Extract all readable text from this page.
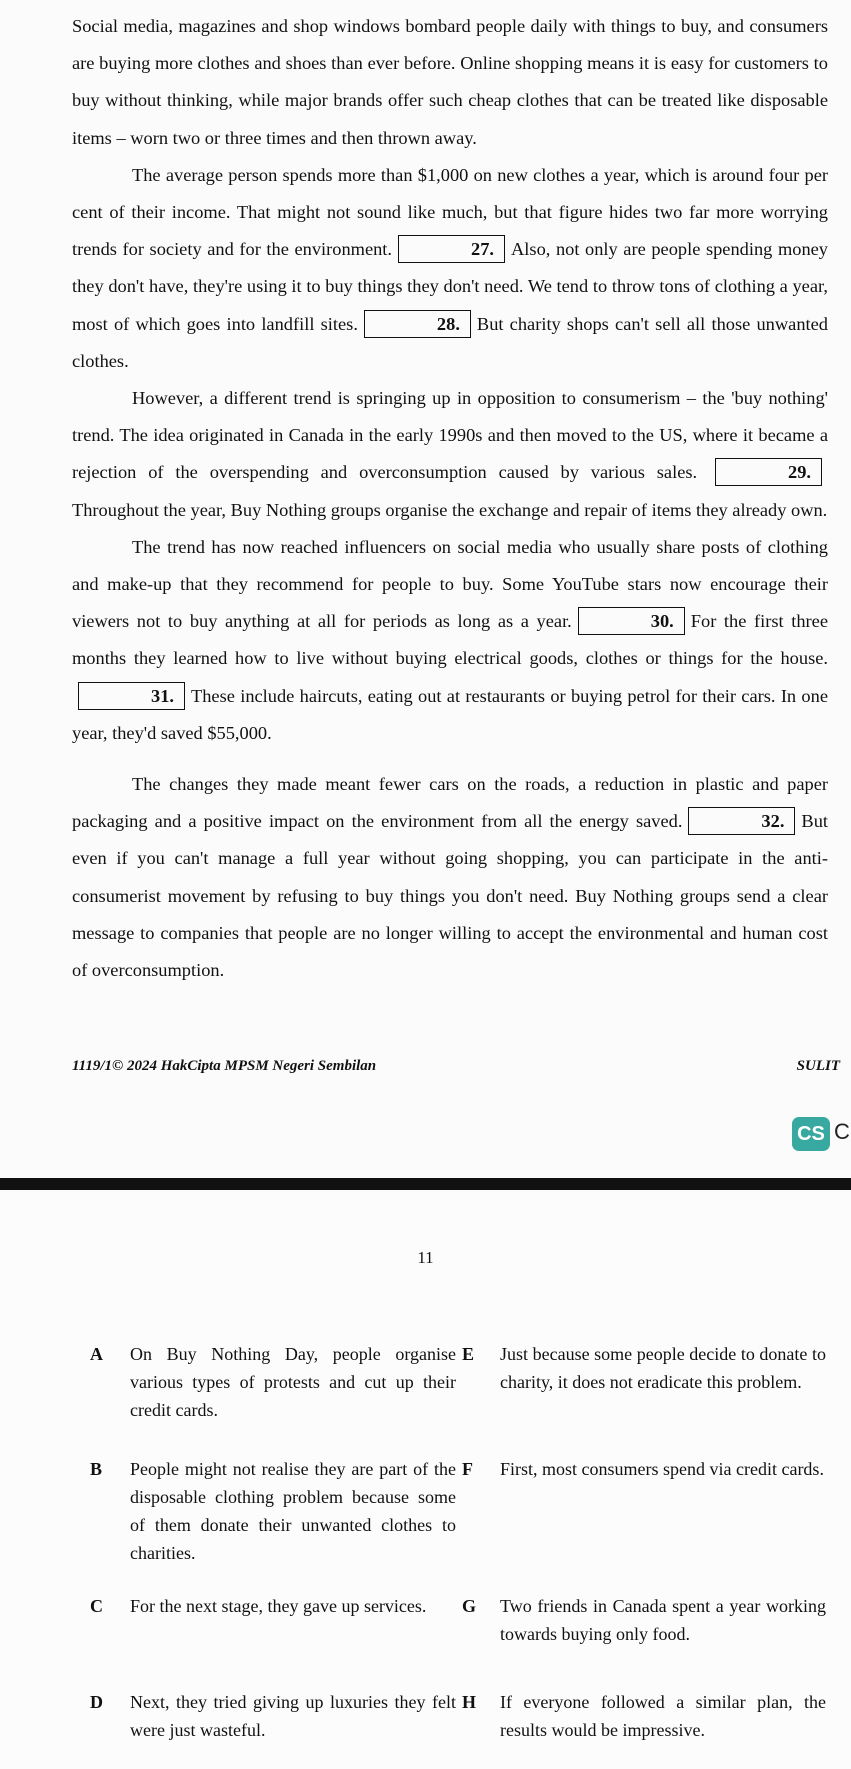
Social media, magazines and shop windows bombard people daily with things to buy, and consumers are buying more clothes and shoes than ever before. Online shopping means it is easy for customers to buy without thinking, while major brands offer such cheap clothes that can be treated like disposable items – worn two or three times and then thrown away.

The average person spends more than $1,000 on new clothes a year, which is around four per cent of their income. That might not sound like much, but that figure hides two far more worrying trends for society and for the environment.	27. Also, not only are people spending money they don't have, they're using it to buy things they don't need. We tend to throw tons of clothing a year, most of which goes into landfill sites.	28. But charity shops can't sell all those unwanted clothes.

However, a different trend is springing up in opposition to consumerism – the 'buy nothing' trend. The idea originated in Canada in the early 1990s and then moved to the US, where it became a rejection of the overspending and overconsumption caused by various sales.	29.Throughout the year, Buy Nothing groups organise the exchange and repair of items they already own.

The trend has now reached influencers on social media who usually share posts of clothing and make-up that they recommend for people to buy. Some YouTube stars now encourage their viewers not to buy anything at all for periods as long as a year.	30. For the first three months they learned how to live without buying electrical goods, clothes or things for the house.31. These include haircuts, eating out at restaurants or buying petrol for their cars. In one year, they'd saved $55,000.

The changes they made meant fewer cars on the roads, a reduction in plastic and paper packaging and a positive impact on the environment from all the energy saved.	32. But even if you can't manage a full year without going shopping, you can participate in the anti-consumerist movement by refusing to buy things you don't need. Buy Nothing groups send a clear message to companies that people are no longer willing to accept the environmental and human cost of overconsumption.

1119/1© 2024 HakCipta MPSM Negeri Sembilan	SULIT
CS C
11
A On Buy Nothing Day, people organise various types of protests and cut up their credit cards.
B People might not realise they are part of the disposable clothing problem because some of them donate their unwanted clothes to charities.
C For the next stage, they gave up services.
D Next, they tried giving up luxuries they felt were just wasteful.
E Just because some people decide to donate to charity, it does not eradicate this problem.
F First, most consumers spend via credit cards.
G Two friends in Canada spent a year working towards buying only food.
H If everyone followed a similar plan, the results would be impressive.
